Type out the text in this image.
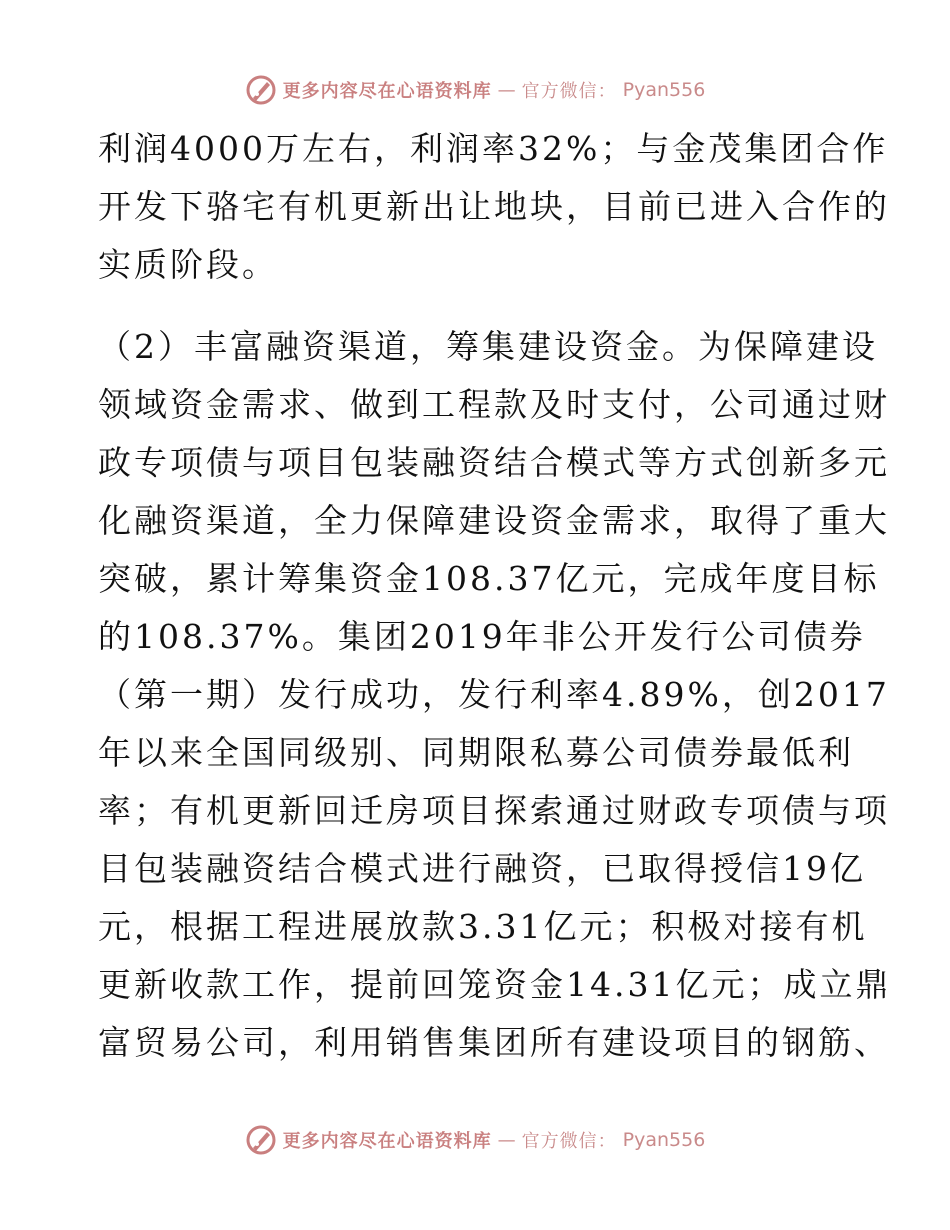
更多内容尽在心语资料库 — 官方微信： Pyan556
利润4000万左右，利润率32%；与金茂集团合作
开发下骆宅有机更新出让地块，目前已进入合作的
实质阶段。
（2）丰富融资渠道，筹集建设资金。为保障建设
领域资金需求、做到工程款及时支付，公司通过财
政专项债与项目包装融资结合模式等方式创新多元
化融资渠道，全力保障建设资金需求，取得了重大
突破，累计筹集资金108.37亿元，完成年度目标
的108.37%。集团2019年非公开发行公司债券
（第一期）发行成功，发行利率4.89%，创2017
年以来全国同级别、同期限私募公司债券最低利
率；有机更新回迁房项目探索通过财政专项债与项
目包装融资结合模式进行融资，已取得授信19亿
元，根据工程进展放款3.31亿元；积极对接有机
更新收款工作，提前回笼资金14.31亿元；成立鼎
富贸易公司，利用销售集团所有建设项目的钢筋、
更多内容尽在心语资料库 — 官方微信： Pyan556
